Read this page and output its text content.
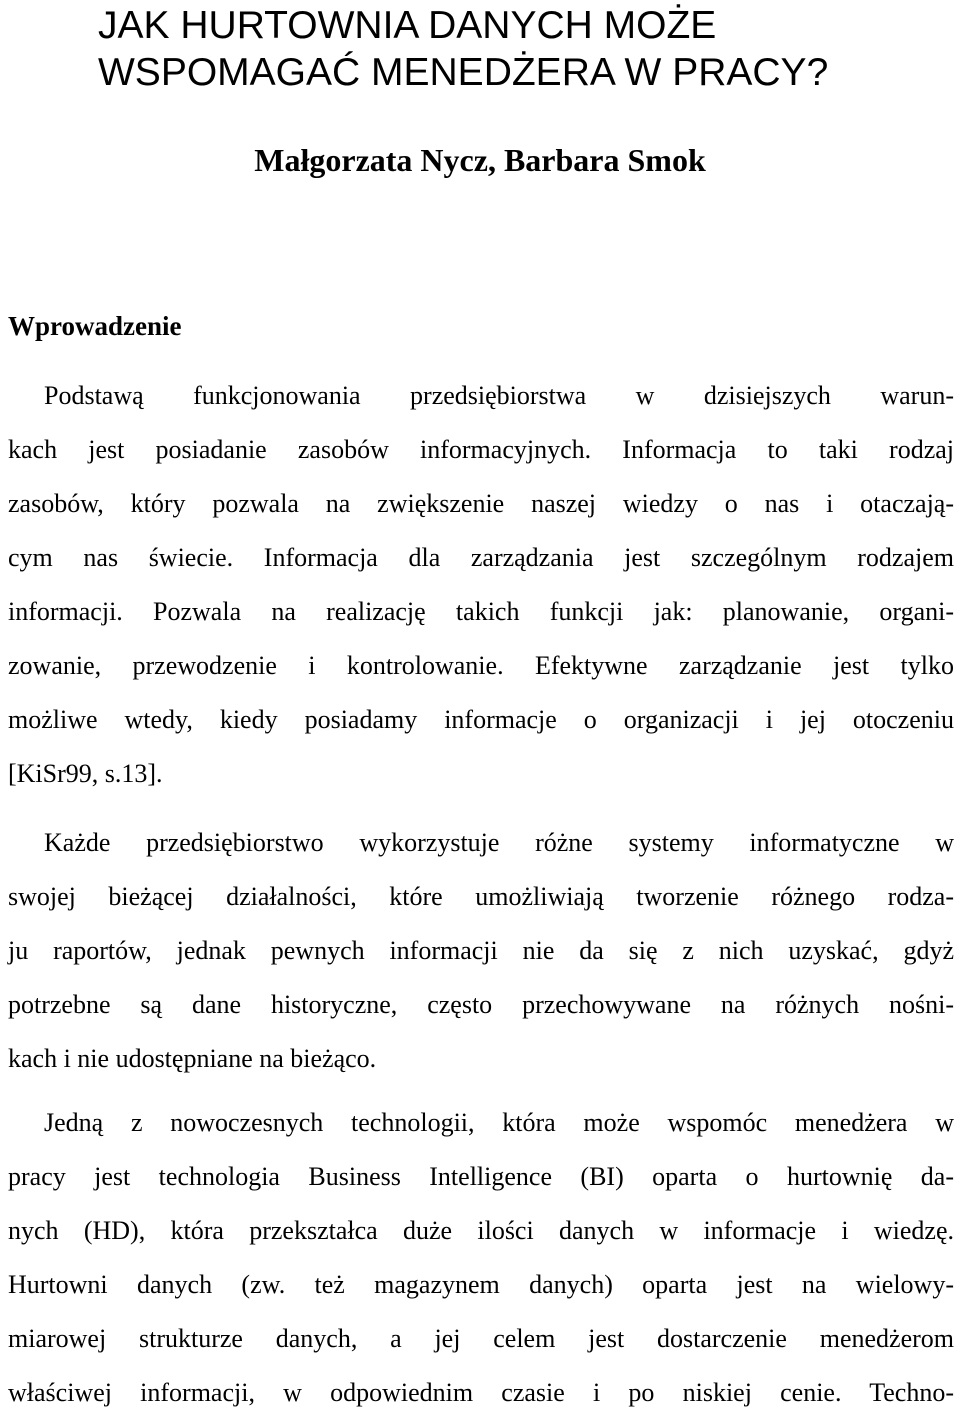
JAK HURTOWNIA DANYCH MOŻE
WSPOMAGAĆ MENEDŻERA W PRACY?

Małgorzata Nycz, Barbara Smok

Wprowadzenie
Podstawą funkcjonowania przedsiębiorstwa w dzisiejszych warun-
kach jest posiadanie zasobów informacyjnych. Informacja to taki rodzaj
zasobów, który pozwala na zwiększenie naszej wiedzy o nas i otaczają-
cym nas świecie. Informacja dla zarządzania jest szczególnym rodzajem
informacji. Pozwala na realizację takich funkcji jak: planowanie, organi-
zowanie, przewodzenie i kontrolowanie. Efektywne zarządzanie jest tylko
możliwe wtedy, kiedy posiadamy informacje o organizacji i jej otoczeniu
[KiSr99, s.13].
Każde przedsiębiorstwo wykorzystuje różne systemy informatyczne w
swojej bieżącej działalności, które umożliwiają tworzenie różnego rodza-
ju raportów, jednak pewnych informacji nie da się z nich uzyskać, gdyż
potrzebne są dane historyczne, często przechowywane na różnych nośni-
kach i nie udostępniane na bieżąco.
Jedną z nowoczesnych technologii, która może wspomóc menedżera w
pracy jest technologia Business Intelligence (BI) oparta o hurtownię da-
nych (HD), która przekształca duże ilości danych w informacje i wiedzę.
Hurtowni danych (zw. też magazynem danych) oparta jest na wielowy-
miarowej strukturze danych, a jej celem jest dostarczenie menedżerom
właściwej informacji, w odpowiednim czasie i po niskiej cenie. Techno-
